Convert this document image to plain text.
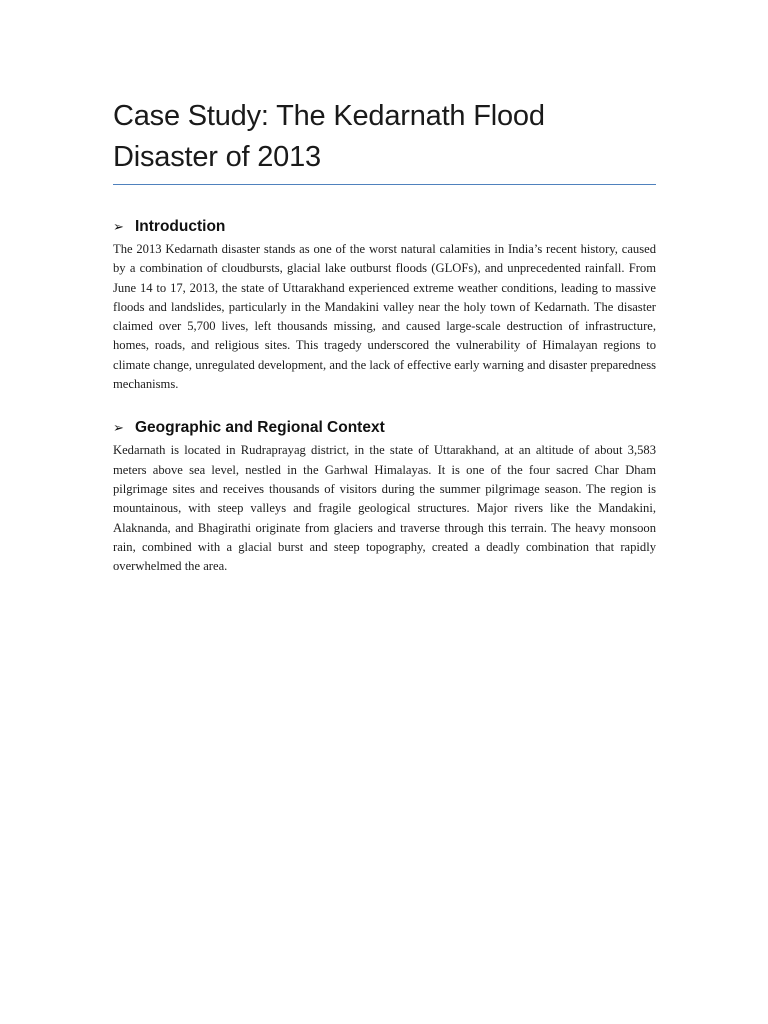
Case Study: The Kedarnath Flood Disaster of 2013
➢ Introduction

The 2013 Kedarnath disaster stands as one of the worst natural calamities in India’s recent history, caused by a combination of cloudbursts, glacial lake outburst floods (GLOFs), and unprecedented rainfall. From June 14 to 17, 2013, the state of Uttarakhand experienced extreme weather conditions, leading to massive floods and landslides, particularly in the Mandakini valley near the holy town of Kedarnath. The disaster claimed over 5,700 lives, left thousands missing, and caused large-scale destruction of infrastructure, homes, roads, and religious sites. This tragedy underscored the vulnerability of Himalayan regions to climate change, unregulated development, and the lack of effective early warning and disaster preparedness mechanisms.

➢ Geographic and Regional Context

Kedarnath is located in Rudraprayag district, in the state of Uttarakhand, at an altitude of about 3,583 meters above sea level, nestled in the Garhwal Himalayas. It is one of the four sacred Char Dham pilgrimage sites and receives thousands of visitors during the summer pilgrimage season. The region is mountainous, with steep valleys and fragile geological structures. Major rivers like the Mandakini, Alaknanda, and Bhagirathi originate from glaciers and traverse through this terrain. The heavy monsoon rain, combined with a glacial burst and steep topography, created a deadly combination that rapidly overwhelmed the area.
